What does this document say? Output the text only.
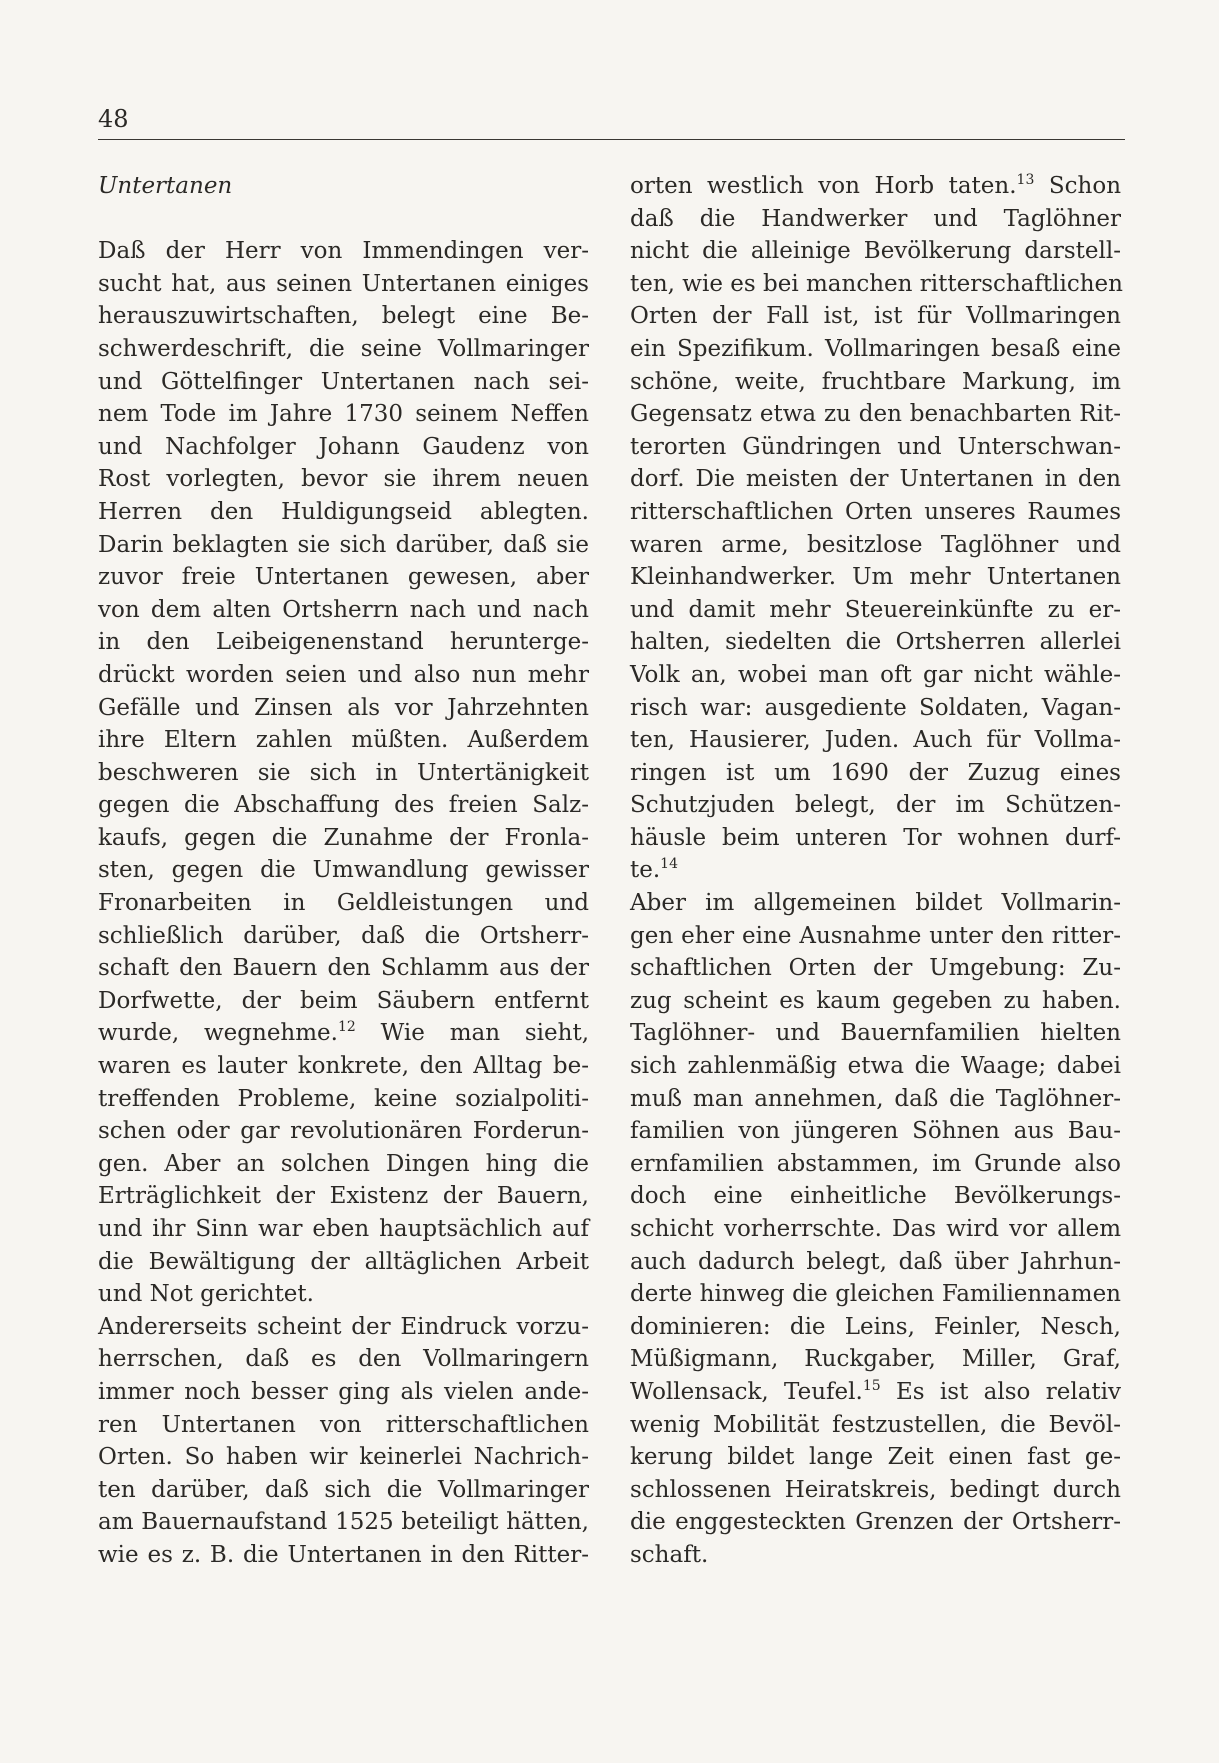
48
Untertanen
Daß der Herr von Immendingen ver-
sucht hat, aus seinen Untertanen einiges
herauszuwirtschaften, belegt eine Be-
schwerdeschrift, die seine Vollmaringer
und Göttelfinger Untertanen nach sei-
nem Tode im Jahre 1730 seinem Neffen
und Nachfolger Johann Gaudenz von
Rost vorlegten, bevor sie ihrem neuen
Herren den Huldigungseid ablegten.
Darin beklagten sie sich darüber, daß sie
zuvor freie Untertanen gewesen, aber
von dem alten Ortsherrn nach und nach
in den Leibeigenenstand herunterge-
drückt worden seien und also nun mehr
Gefälle und Zinsen als vor Jahrzehnten
ihre Eltern zahlen müßten. Außerdem
beschweren sie sich in Untertänigkeit
gegen die Abschaffung des freien Salz-
kaufs, gegen die Zunahme der Fronla-
sten, gegen die Umwandlung gewisser
Fronarbeiten in Geldleistungen und
schließlich darüber, daß die Ortsherr-
schaft den Bauern den Schlamm aus der
Dorfwette, der beim Säubern entfernt
wurde, wegnehme.$^{12}$ Wie man sieht,
waren es lauter konkrete, den Alltag be-
treffenden Probleme, keine sozialpoliti-
schen oder gar revolutionären Forderun-
gen. Aber an solchen Dingen hing die
Erträglichkeit der Existenz der Bauern,
und ihr Sinn war eben hauptsächlich auf
die Bewältigung der alltäglichen Arbeit
und Not gerichtet.
Andererseits scheint der Eindruck vorzu-
herrschen, daß es den Vollmaringern
immer noch besser ging als vielen ande-
ren Untertanen von ritterschaftlichen
Orten. So haben wir keinerlei Nachrich-
ten darüber, daß sich die Vollmaringer
am Bauernaufstand 1525 beteiligt hätten,
wie es z. B. die Untertanen in den Ritter-
orten westlich von Horb taten.$^{13}$ Schon
daß die Handwerker und Taglöhner
nicht die alleinige Bevölkerung darstell-
ten, wie es bei manchen ritterschaftlichen
Orten der Fall ist, ist für Vollmaringen
ein Spezifikum. Vollmaringen besaß eine
schöne, weite, fruchtbare Markung, im
Gegensatz etwa zu den benachbarten Rit-
terorten Gündringen und Unterschwan-
dorf. Die meisten der Untertanen in den
ritterschaftlichen Orten unseres Raumes
waren arme, besitzlose Taglöhner und
Kleinhandwerker. Um mehr Untertanen
und damit mehr Steuereinkünfte zu er-
halten, siedelten die Ortsherren allerlei
Volk an, wobei man oft gar nicht wähle-
risch war: ausgediente Soldaten, Vagan-
ten, Hausierer, Juden. Auch für Vollma-
ringen ist um 1690 der Zuzug eines
Schutzjuden belegt, der im Schützen-
häusle beim unteren Tor wohnen durf-
te.$^{14}$
Aber im allgemeinen bildet Vollmarin-
gen eher eine Ausnahme unter den ritter-
schaftlichen Orten der Umgebung: Zu-
zug scheint es kaum gegeben zu haben.
Taglöhner- und Bauernfamilien hielten
sich zahlenmäßig etwa die Waage; dabei
muß man annehmen, daß die Taglöhner-
familien von jüngeren Söhnen aus Bau-
ernfamilien abstammen, im Grunde also
doch eine einheitliche Bevölkerungs-
schicht vorherrschte. Das wird vor allem
auch dadurch belegt, daß über Jahrhun-
derte hinweg die gleichen Familiennamen
dominieren: die Leins, Feinler, Nesch,
Müßigmann, Ruckgaber, Miller, Graf,
Wollensack, Teufel.$^{15}$ Es ist also relativ
wenig Mobilität festzustellen, die Bevöl-
kerung bildet lange Zeit einen fast ge-
schlossenen Heiratskreis, bedingt durch
die enggesteckten Grenzen der Ortsherr-
schaft.
